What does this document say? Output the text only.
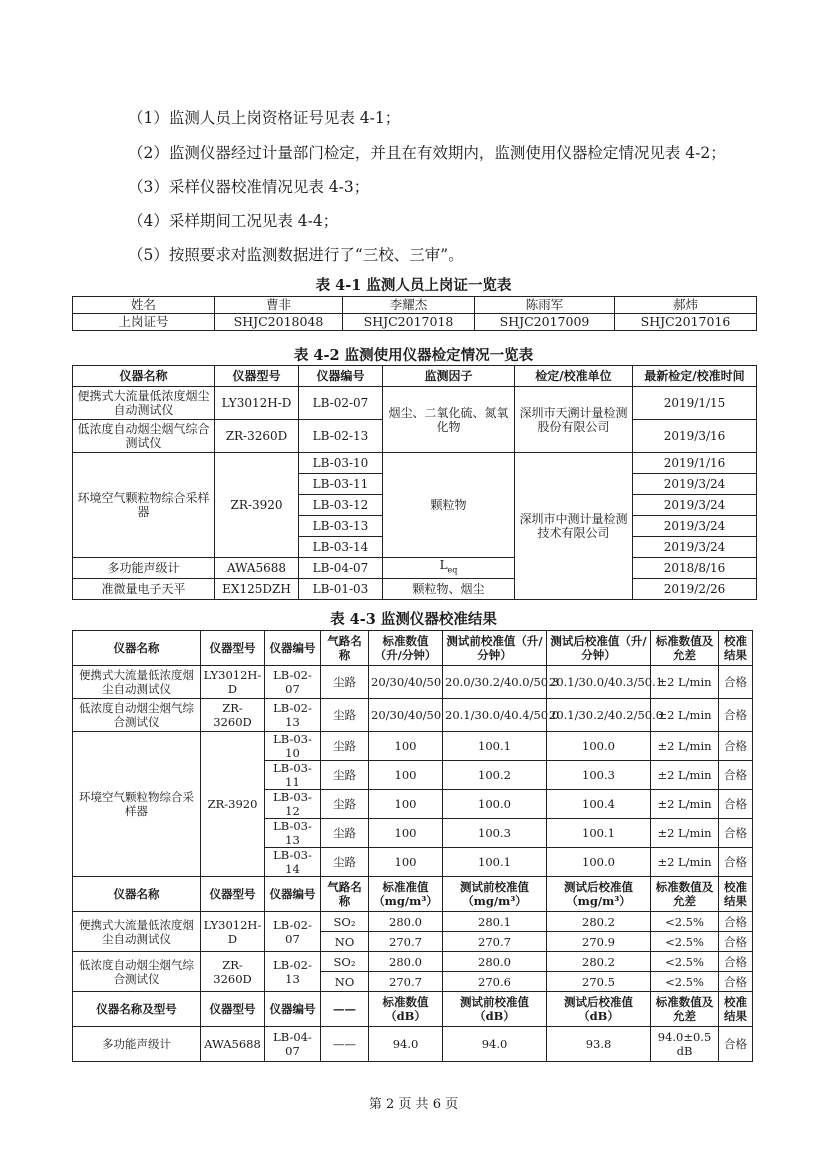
（1）监测人员上岗资格证号见表 4-1；
（2）监测仪器经过计量部门检定，并且在有效期内，监测使用仪器检定情况见表 4-2；
（3）采样仪器校准情况见表 4-3；
（4）采样期间工况见表 4-4；
（5）按照要求对监测数据进行了“三校、三审”。
表 4-1 监测人员上岗证一览表
姓名	曹非	李耀杰	陈雨军	郝炜
上岗证号	SHJC2018048	SHJC2017018	SHJC2017009	SHJC2017016
表 4-2 监测使用仪器检定情况一览表
仪器名称	仪器型号	仪器编号	监测因子	检定/校准单位	最新检定/校准时间
便携式大流量低浓度烟尘自动测试仪	LY3012H-D	LB-02-07	烟尘、二氧化硫、氮氧化物	深圳市天溯计量检测股份有限公司	2019/1/15
低浓度自动烟尘烟气综合测试仪	ZR-3260D	LB-02-13			2019/3/16
环境空气颗粒物综合采样器	ZR-3920	LB-03-10	颗粒物	深圳市中测计量检测技术有限公司	2019/1/16
		LB-03-11			2019/3/24
		LB-03-12			2019/3/24
		LB-03-13			2019/3/24
		LB-03-14			2019/3/24
多功能声级计	AWA5688	LB-04-07	$L_{eq}$		2018/8/16
准微量电子天平	EX125DZH	LB-01-03	颗粒物、烟尘		2019/2/26
表 4-3 监测仪器校准结果
仪器名称	仪器型号	仪器编号	气路名称	标准数值（升/分钟）	测试前校准值（升/分钟）	测试后校准值（升/分钟）	标准数值及允差	校准结果
便携式大流量低浓度烟尘自动测试仪	LY3012H-D	LB-02-07	尘路	20/30/40/50	20.0/30.2/40.0/50.3	20.1/30.0/40.3/50.1	±2 L/min	合格
低浓度自动烟尘烟气综合测试仪	ZR-3260D	LB-02-13	尘路	20/30/40/50	20.1/30.0/40.4/50.0	20.1/30.2/40.2/50.0	±2 L/min	合格
环境空气颗粒物综合采样器	ZR-3920	LB-03-10	尘路	100	100.1	100.0	±2 L/min	合格
		LB-03-11	尘路	100	100.2	100.3	±2 L/min	合格
		LB-03-12	尘路	100	100.0	100.4	±2 L/min	合格
		LB-03-13	尘路	100	100.3	100.1	±2 L/min	合格
		LB-03-14	尘路	100	100.1	100.0	±2 L/min	合格
仪器名称	仪器型号	仪器编号	气路名称	标准准值（mg/m³）	测试前校准值（mg/m³）	测试后校准值（mg/m³）	标准数值及允差	校准结果
便携式大流量低浓度烟尘自动测试仪	LY3012H-D	LB-02-07	SO₂	280.0	280.1	280.2	<2.5%	合格
			NO	270.7	270.7	270.9	<2.5%	合格
低浓度自动烟尘烟气综合测试仪	ZR-3260D	LB-02-13	SO₂	280.0	280.0	280.2	<2.5%	合格
			NO	270.7	270.6	270.5	<2.5%	合格
仪器名称及型号	仪器型号	仪器编号	——	标准数值（dB）	测试前校准值（dB）	测试后校准值（dB）	标准数值及允差	校准结果
多功能声级计	AWA5688	LB-04-07	——	94.0	94.0	93.8	94.0±0.5 dB	合格
第 2 页 共 6 页
